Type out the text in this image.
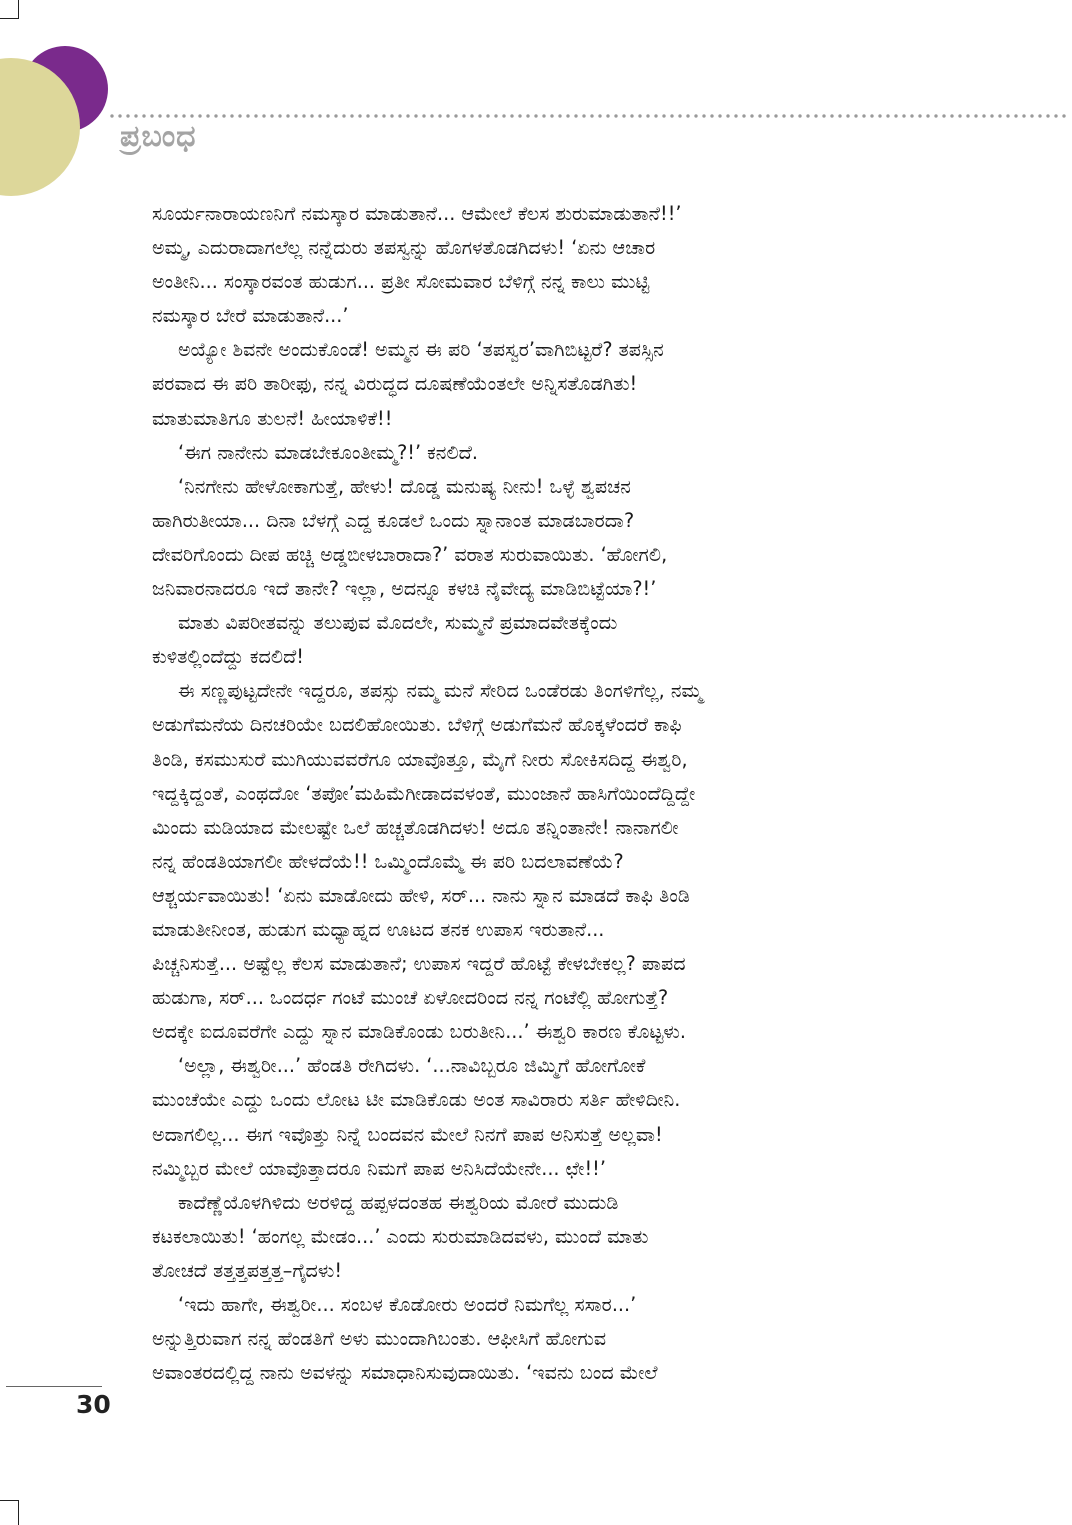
ಪ್ರಬಂಧ

ಸೂರ್ಯನಾರಾಯಣನಿಗೆ ನಮಸ್ಕಾರ ಮಾಡುತಾನೆ... ಆಮೇಲೆ ಕೆಲಸ ಶುರುಮಾಡುತಾನೆ!!’

ಅಮ್ಮ, ಎದುರಾದಾಗಲೆಲ್ಲ ನನ್ನೆದುರು ತಪಸ್ವನ್ನು ಹೊಗಳತೊಡಗಿದಳು! ‘ಏನು ಆಚಾರ

ಅಂತೀನಿ... ಸಂಸ್ಕಾರವಂತ ಹುಡುಗ... ಪ್ರತೀ ಸೋಮವಾರ ಬೆಳಿಗ್ಗೆ ನನ್ನ ಕಾಲು ಮುಟ್ಟಿ

ನಮಸ್ಕಾರ ಬೇರೆ ಮಾಡುತಾನೆ...’

ಅಯ್ಯೋ ಶಿವನೇ ಅಂದುಕೊಂಡೆ! ಅಮ್ಮನ ಈ ಪರಿ ‘ತಪಸ್ವರ’ವಾಗಿಬಿಟ್ಟರೆ? ತಪಸ್ಸಿನ

ಪರವಾದ ಈ ಪರಿ ತಾರೀಫು, ನನ್ನ ವಿರುದ್ಧದ ದೂಷಣೆಯೆಂತಲೇ ಅನ್ನಿಸತೊಡಗಿತು!

ಮಾತುಮಾತಿಗೂ ತುಲನೆ! ಹೀಯಾಳಿಕೆ!!

‘ಈಗ ನಾನೇನು ಮಾಡಬೇಕೂಂತೀಮ್ಮ?!’ ಕನಲಿದೆ.

‘ನಿನಗೇನು ಹೇಳೋಕಾಗುತ್ತೆ, ಹೇಳು! ದೊಡ್ಡ ಮನುಷ್ಯ ನೀನು! ಒಳ್ಳೆ ಶ್ವಪಚನ

ಹಾಗಿರುತೀಯಾ... ದಿನಾ ಬೆಳಗ್ಗೆ ಎದ್ದ ಕೂಡಲೆ ಒಂದು ಸ್ನಾನಾಂತ ಮಾಡಬಾರದಾ?

ದೇವರಿಗೊಂದು ದೀಪ ಹಚ್ಚಿ ಅಡ್ಡಬೀಳಬಾರಾದಾ?’ ವರಾತ ಸುರುವಾಯಿತು. ‘ಹೋಗಲಿ,

ಜನಿವಾರನಾದರೂ ಇದೆ ತಾನೇ? ಇಲ್ಲಾ, ಅದನ್ನೂ ಕಳಚಿ ನೈವೇದ್ಯ ಮಾಡಿಬಿಟ್ಟೆಯಾ?!’

ಮಾತು ವಿಪರೀತವನ್ನು ತಲುಪುವ ಮೊದಲೇ, ಸುಮ್ಮನೆ ಪ್ರಮಾದವೇತಕ್ಕೆಂದು

ಕುಳಿತಲ್ಲಿಂದೆದ್ದು ಕದಲಿದೆ!

ಈ ಸಣ್ಣಪುಟ್ಟದೇನೇ ಇದ್ದರೂ, ತಪಸ್ಸು ನಮ್ಮ ಮನೆ ಸೇರಿದ ಒಂಡೆರಡು ತಿಂಗಳಿಗೆಲ್ಲ, ನಮ್ಮ

ಅಡುಗೆಮನೆಯ ದಿನಚರಿಯೇ ಬದಲಿಹೋಯಿತು. ಬೆಳಿಗ್ಗೆ ಅಡುಗೆಮನೆ ಹೊಕ್ಕಳೆಂದರೆ ಕಾಫಿ

ತಿಂಡಿ, ಕಸಮುಸುರೆ ಮುಗಿಯುವವರೆಗೂ ಯಾವೊತ್ತೂ, ಮೈಗೆ ನೀರು ಸೋಕಿಸದಿದ್ದ ಈಶ್ವರಿ,

ಇದ್ದಕ್ಕಿದ್ದಂತೆ, ಎಂಥದೋ ‘ತಪೋ’ಮಹಿಮೆಗೀಡಾದವಳಂತೆ, ಮುಂಜಾನೆ ಹಾಸಿಗೆಯಿಂದೆದ್ದಿದ್ದೇ

ಮಿಂದು ಮಡಿಯಾದ ಮೇಲಷ್ಟೇ ಒಲೆ ಹಚ್ಚತೊಡಗಿದಳು! ಅದೂ ತನ್ನಿಂತಾನೇ! ನಾನಾಗಲೀ

ನನ್ನ ಹೆಂಡತಿಯಾಗಲೀ ಹೇಳದೆಯೆ!! ಒಮ್ಮಿಂದೊಮ್ಮೆ ಈ ಪರಿ ಬದಲಾವಣೆಯೆ?

ಆಶ್ಚರ್ಯವಾಯಿತು! ‘ಏನು ಮಾಡೋದು ಹೇಳಿ, ಸರ್... ನಾನು ಸ್ನಾನ ಮಾಡದೆ ಕಾಫಿ ತಿಂಡಿ

ಮಾಡುತೀನೀಂತ, ಹುಡುಗ ಮಧ್ಯಾಹ್ನದ ಊಟದ ತನಕ ಉಪಾಸ ಇರುತಾನೆ...

ಪಿಚ್ಚನಿಸುತ್ತೆ... ಅಷ್ಟೆಲ್ಲ ಕೆಲಸ ಮಾಡುತಾನೆ; ಉಪಾಸ ಇದ್ದರೆ ಹೊಟ್ಟೆ ಕೇಳಬೇಕಲ್ಲ? ಪಾಪದ

ಹುಡುಗಾ, ಸರ್... ಒಂದರ್ಧ ಗಂಟೆ ಮುಂಚೆ ಏಳೋದರಿಂದ ನನ್ನ ಗಂಟೆಲ್ಲಿ ಹೋಗುತ್ತೆ?

ಅದಕ್ಕೇ ಐದೂವರೆಗೇ ಎದ್ದು ಸ್ನಾನ ಮಾಡಿಕೊಂಡು ಬರುತೀನಿ...’ ಈಶ್ವರಿ ಕಾರಣ ಕೊಟ್ಟಳು.

‘ಅಲ್ಲಾ, ಈಶ್ವರೀ...’ ಹೆಂಡತಿ ರೇಗಿದಳು. ‘...ನಾವಿಬ್ಬರೂ ಜಿಮ್ಮಿಗೆ ಹೋಗೋಕೆ

ಮುಂಚೆಯೇ ಎದ್ದು ಒಂದು ಲೋಟ ಟೀ ಮಾಡಿಕೊಡು ಅಂತ ಸಾವಿರಾರು ಸರ್ತಿ ಹೇಳಿದೀನಿ.

ಅದಾಗಲಿಲ್ಲ... ಈಗ ಇವೊತ್ತು ನಿನ್ನೆ ಬಂದವನ ಮೇಲೆ ನಿನಗೆ ಪಾಪ ಅನಿಸುತ್ತೆ ಅಲ್ಲವಾ!

ನಮ್ಮಿಬ್ಬರ ಮೇಲೆ ಯಾವೊತ್ತಾದರೂ ನಿಮಗೆ ಪಾಪ ಅನಿಸಿದೆಯೇನೇ... ಛೇ!!’

ಕಾದೆಣ್ಣೆಯೊಳಗಿಳಿದು ಅರಳಿದ್ದ ಹಪ್ಪಳದಂತಹ ಈಶ್ವರಿಯ ಮೋರೆ ಮುದುಡಿ

ಕಟಕಲಾಯಿತು! ‘ಹಂಗಲ್ಲ ಮೇಡಂ...’ ಎಂದು ಸುರುಮಾಡಿದವಳು, ಮುಂದೆ ಮಾತು

ತೋಚದೆ ತತ್ತತ್ತಪತ್ತತ್ತ–ಗೈದಳು!

‘ಇದು ಹಾಗೇ, ಈಶ್ವರೀ... ಸಂಬಳ ಕೊಡೋರು ಅಂದರೆ ನಿಮಗೆಲ್ಲ ಸಸಾರ...’

ಅನ್ನುತ್ತಿರುವಾಗ ನನ್ನ ಹೆಂಡತಿಗೆ ಅಳು ಮುಂದಾಗಿಬಂತು. ಆಫೀಸಿಗೆ ಹೋಗುವ

ಅವಾಂತರದಲ್ಲಿದ್ದ ನಾನು ಅವಳನ್ನು ಸಮಾಧಾನಿಸುವುದಾಯಿತು. ‘ಇವನು ಬಂದ ಮೇಲೆ

30
